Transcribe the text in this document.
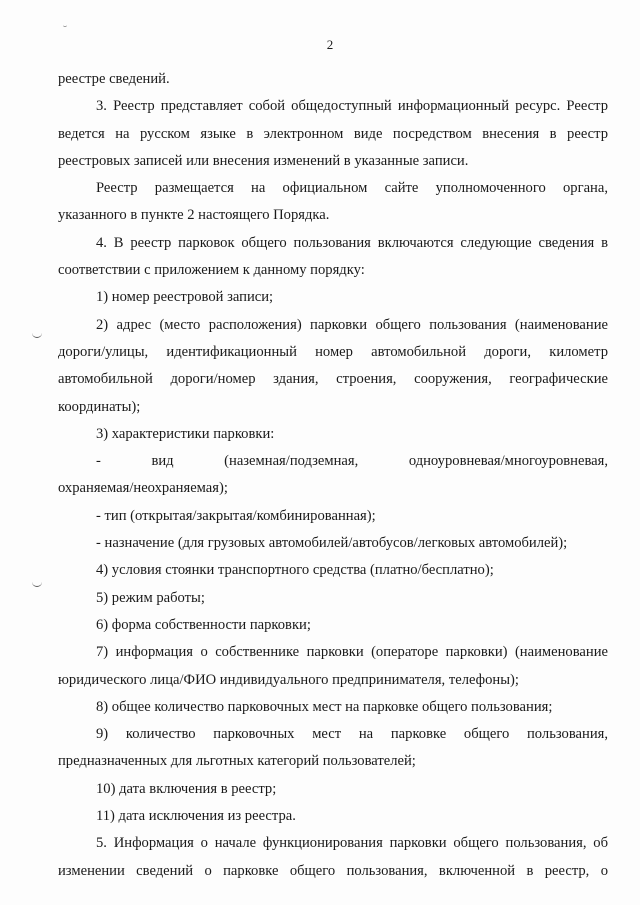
2
реестре сведений.
3. Реестр представляет собой общедоступный информационный ресурс. Реестр
ведется на русском языке в электронном виде посредством внесения в реестр
реестровых записей или внесения изменений в указанные записи.
Реестр размещается на официальном сайте уполномоченного органа,
указанного в пункте 2 настоящего Порядка.
4. В реестр парковок общего пользования включаются следующие сведения в
соответствии с приложением к данному порядку:
1) номер реестровой записи;
2) адрес (место расположения) парковки общего пользования (наименование
дороги/улицы, идентификационный номер автомобильной дороги, километр
автомобильной дороги/номер здания, строения, сооружения, географические
координаты);
3) характеристики парковки:
- вид (наземная/подземная, одноуровневая/многоуровневая,
охраняемая/неохраняемая);
- тип (открытая/закрытая/комбинированная);
- назначение (для грузовых автомобилей/автобусов/легковых автомобилей);
4) условия стоянки транспортного средства (платно/бесплатно);
5) режим работы;
6) форма собственности парковки;
7) информация о собственнике парковки (операторе парковки) (наименование
юридического лица/ФИО индивидуального предпринимателя, телефоны);
8) общее количество парковочных мест на парковке общего пользования;
9) количество парковочных мест на парковке общего пользования,
предназначенных для льготных категорий пользователей;
10) дата включения в реестр;
11) дата исключения из реестра.
5. Информация о начале функционирования парковки общего пользования, об
изменении сведений о парковке общего пользования, включенной в реестр, о
